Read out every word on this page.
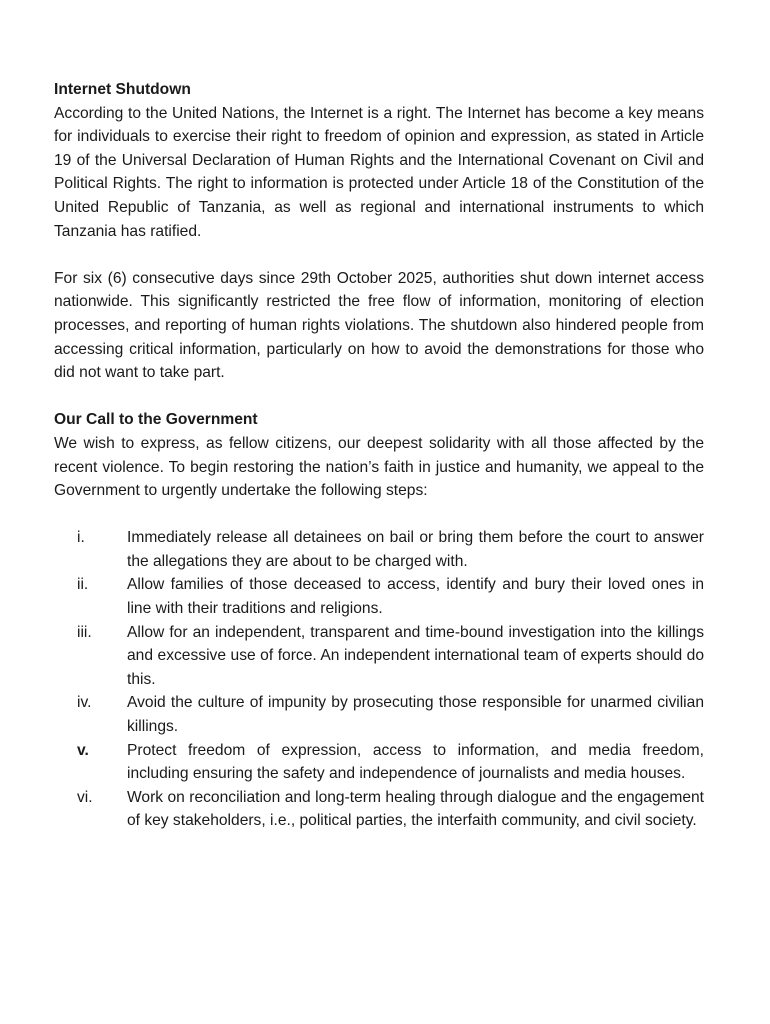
Internet Shutdown

According to the United Nations, the Internet is a right. The Internet has become a key means for individuals to exercise their right to freedom of opinion and expression, as stated in Article 19 of the Universal Declaration of Human Rights and the International Covenant on Civil and Political Rights. The right to information is protected under Article 18 of the Constitution of the United Republic of Tanzania, as well as regional and international instruments to which Tanzania has ratified.

For six (6) consecutive days since 29th October 2025, authorities shut down internet access nationwide. This significantly restricted the free flow of information, monitoring of election processes, and reporting of human rights violations. The shutdown also hindered people from accessing critical information, particularly on how to avoid the demonstrations for those who did not want to take part.

Our Call to the Government

We wish to express, as fellow citizens, our deepest solidarity with all those affected by the recent violence. To begin restoring the nation’s faith in justice and humanity, we appeal to the Government to urgently undertake the following steps:

i.	Immediately release all detainees on bail or bring them before the court to answer the allegations they are about to be charged with.
ii.	Allow families of those deceased to access, identify and bury their loved ones in line with their traditions and religions.
iii.	Allow for an independent, transparent and time-bound investigation into the killings and excessive use of force. An independent international team of experts should do this.
iv.	Avoid the culture of impunity by prosecuting those responsible for unarmed civilian killings.
v.	Protect freedom of expression, access to information, and media freedom, including ensuring the safety and independence of journalists and media houses.
vi.	Work on reconciliation and long-term healing through dialogue and the engagement of key stakeholders, i.e., political parties, the interfaith community, and civil society.
